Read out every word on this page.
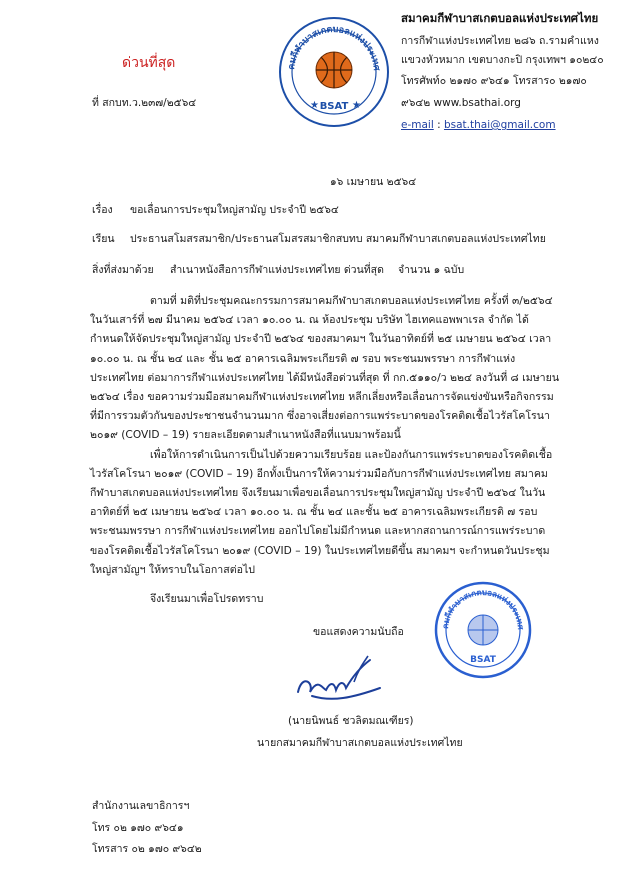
ด่วนที่สุด
ที่ สกบท.ว.๒๓๗/๒๕๖๔
คมกีฬาบาสเกตบอลแห่งประเทศ
BSAT
★	★
สมาคมกีฬาบาสเกตบอลแห่งประเทศไทย
การกีฬาแห่งประเทศไทย ๒๘๖ ถ.รามคำแหง
แขวงหัวหมาก เขตบางกะปิ กรุงเทพฯ ๑๐๒๔๐
โทรศัพท์๐ ๒๑๗๐ ๙๖๔๑ โทรสาร๐ ๒๑๗๐
๙๖๔๒ www.bsathai.org
e-mail : bsat.thai@gmail.com
๑๖ เมษายน ๒๕๖๔
เรื่อง ขอเลื่อนการประชุมใหญ่สามัญ ประจำปี ๒๕๖๔
เรียน ประธานสโมสรสมาชิก/ประธานสโมสรสมาชิกสบทบ สมาคมกีฬาบาสเกตบอลแห่งประเทศไทย
สิ่งที่ส่งมาด้วย สำเนาหนังสือการกีฬาแห่งประเทศไทย ด่วนที่สุด จำนวน ๑ ฉบับ

ตามที่ มติที่ประชุมคณะกรรมการสมาคมกีฬาบาสเกตบอลแห่งประเทศไทย ครั้งที่ ๓/๒๕๖๔ ในวันเสาร์ที่ ๒๗ มีนาคม ๒๕๖๔ เวลา ๑๐.๐๐ น. ณ ห้องประชุม บริษัท ไฮเทคแอพพาเรล จำกัด ได้กำหนดให้จัดประชุมใหญ่สามัญ ประจำปี ๒๕๖๔ ของสมาคมฯ ในวันอาทิตย์ที่ ๒๕ เมษายน ๒๕๖๔ เวลา ๑๐.๐๐ น. ณ ชั้น ๒๔ และ ชั้น ๒๕ อาคารเฉลิมพระเกียรติ ๗ รอบ พระชนมพรรษา การกีฬาแห่งประเทศไทย ต่อมาการกีฬาแห่งประเทศไทย ได้มีหนังสือด่วนที่สุด ที่ กก.๕๑๑๐/ว ๒๒๔ ลงวันที่ ๘ เมษายน ๒๕๖๔ เรื่อง ขอความร่วมมือสมาคมกีฬาแห่งประเทศไทย หลีกเลี่ยงหรือเลื่อนการจัดแข่งขันหรือกิจกรรมที่มีการรวมตัวกันของประชาชนจำนวนมาก ซึ่งอาจเสี่ยงต่อการแพร่ระบาดของโรคติดเชื้อไวรัสโคโรนา ๒๐๑๙ (COVID – 19) รายละเอียดตามสำเนาหนังสือที่แนบมาพร้อมนี้

เพื่อให้การดำเนินการเป็นไปด้วยความเรียบร้อย และป้องกันการแพร่ระบาดของโรคติดเชื้อไวรัสโคโรนา ๒๐๑๙ (COVID – 19) อีกทั้งเป็นการให้ความร่วมมือกับการกีฬาแห่งประเทศไทย สมาคมกีฬาบาสเกตบอลแห่งประเทศไทย จึงเรียนมาเพื่อขอเลื่อนการประชุมใหญ่สามัญ ประจำปี ๒๕๖๔ ในวันอาทิตย์ที่ ๒๕ เมษายน ๒๕๖๔ เวลา ๑๐.๐๐ น. ณ ชั้น ๒๔ และชั้น ๒๕ อาคารเฉลิมพระเกียรติ ๗ รอบ พระชนมพรรษา การกีฬาแห่งประเทศไทย ออกไปโดยไม่มีกำหนด และหากสถานการณ์การแพร่ระบาดของโรคติดเชื้อไวรัสโคโรนา ๒๐๑๙ (COVID – 19) ในประเทศไทยดีขึ้น สมาคมฯ จะกำหนดวันประชุมใหญ่สามัญฯ ให้ทราบในโอกาสต่อไป

จึงเรียนมาเพื่อโปรดทราบ
ขอแสดงความนับถือ	คมกีฬาบาสเกตบอลแห่งประเทศ
BSAT
(นายนิพนธ์ ชวลิตมณเฑียร)
นายกสมาคมกีฬาบาสเกตบอลแห่งประเทศไทย
สำนักงานเลขาธิการฯ
โทร ๐๒ ๑๗๐ ๙๖๔๑
โทรสาร ๐๒ ๑๗๐ ๙๖๔๒
